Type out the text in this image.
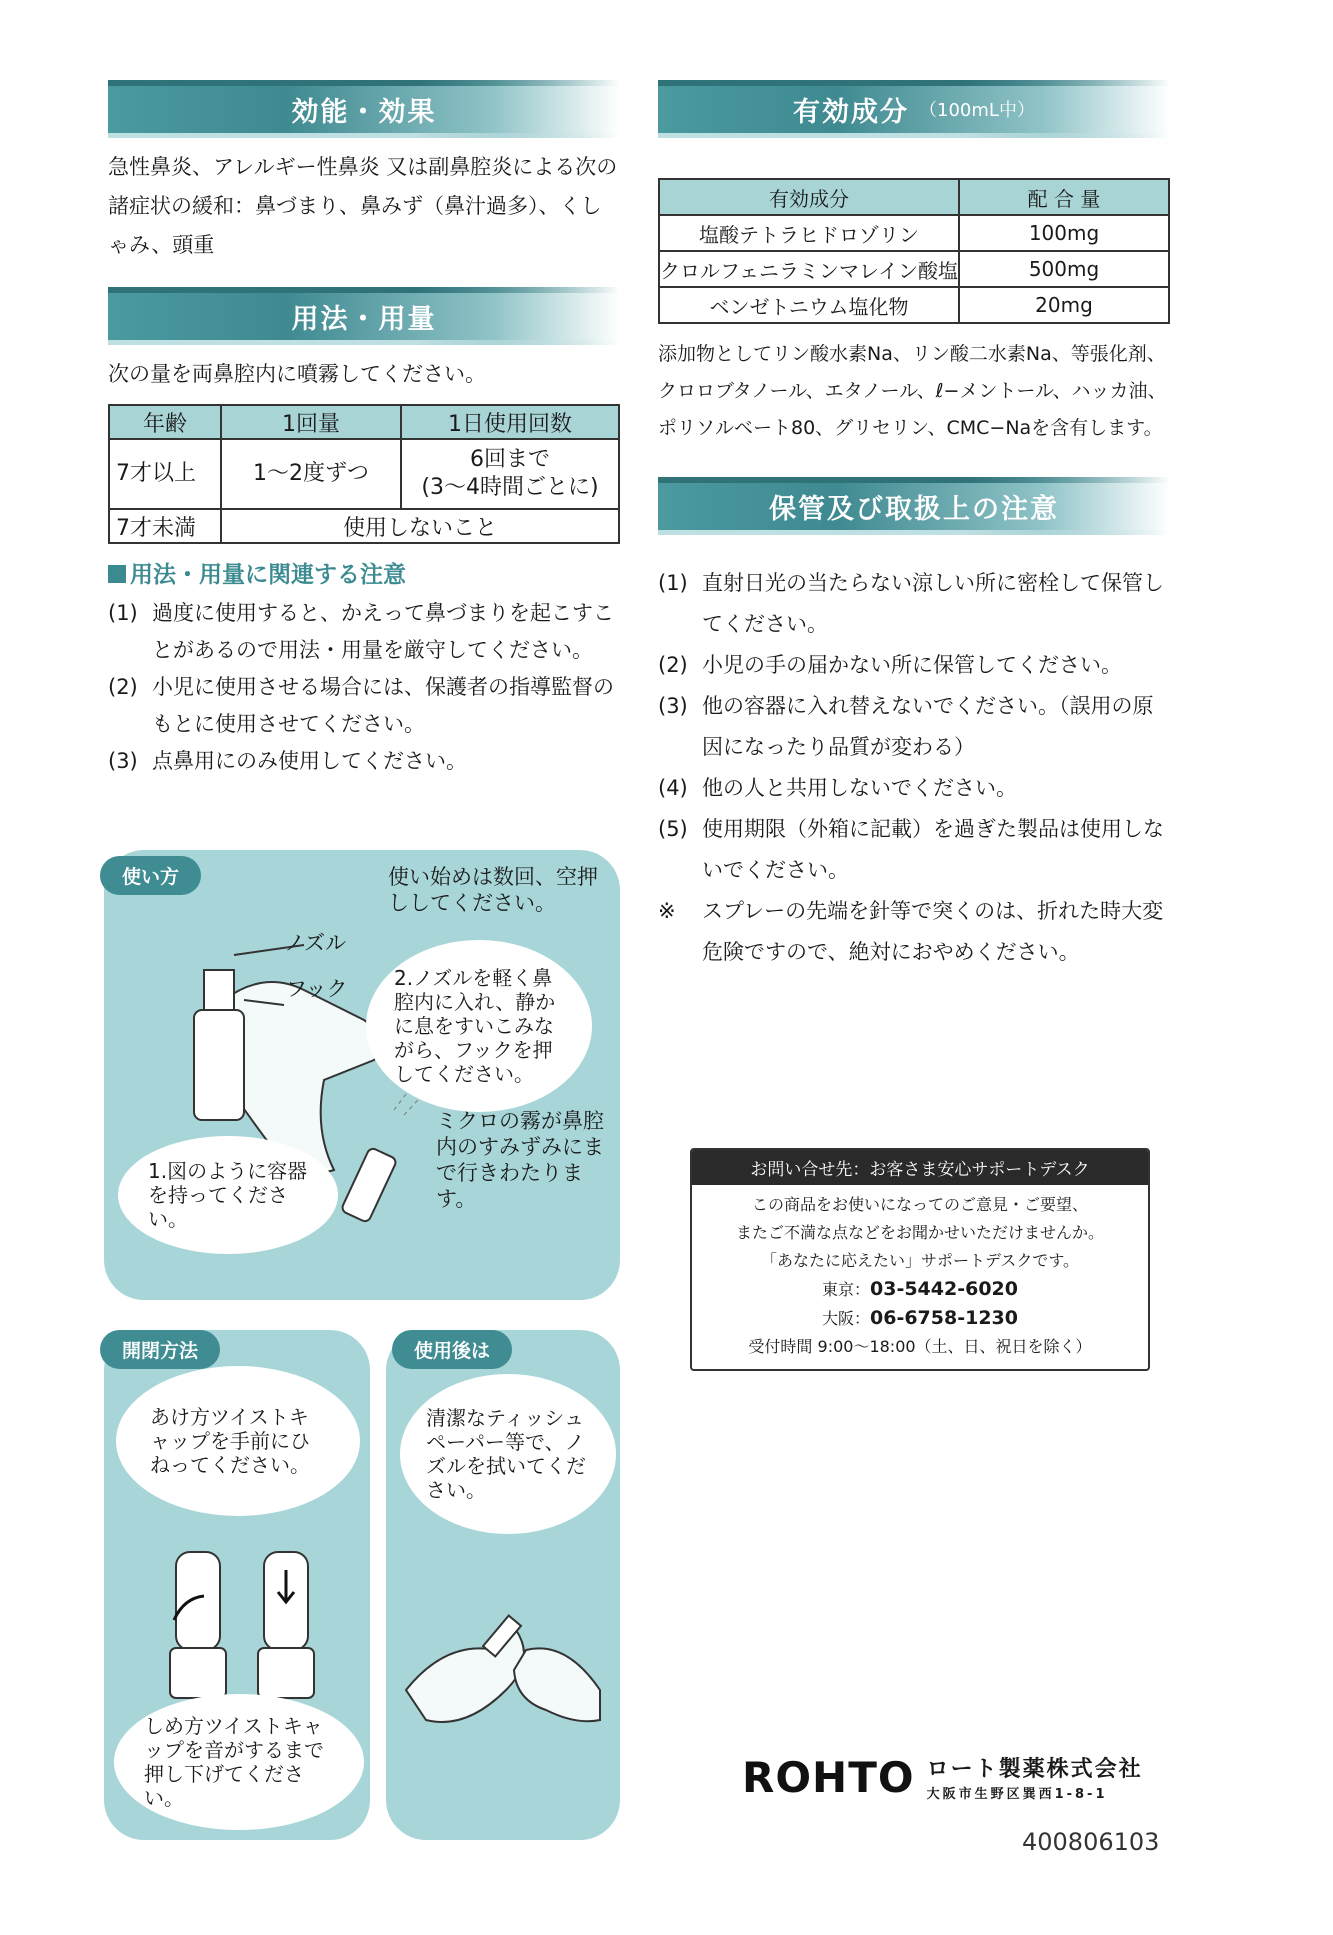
効能・効果

急性鼻炎、アレルギー性鼻炎 又は副鼻腔炎による次の諸症状の緩和：鼻づまり、鼻みず（鼻汁過多）、くしゃみ、頭重

用法・用量

次の量を両鼻腔内に噴霧してください。

年齢	1回量	1日使用回数
7才以上	1〜2度ずつ	6回まで
(3〜4時間ごとに)

7才未満	使用しないこと	
用法・用量に関連する注意
(1) 過度に使用すると、かえって鼻づまりを起こすことがあるので用法・用量を厳守してください。
(2) 小児に使用させる場合には、保護者の指導監督のもとに使用させてください。
(3) 点鼻用にのみ使用してください。
有効成分 （100mL中）
有効成分	配 合 量
塩酸テトラヒドロゾリン	100mg
クロルフェニラミンマレイン酸塩	500mg
ベンゼトニウム塩化物	20mg

添加物としてリン酸水素Na、リン酸二水素Na、等張化剤、クロロブタノール、エタノール、ℓ−メントール、ハッカ油、ポリソルベート80、グリセリン、CMC−Naを含有します。

保管及び取扱上の注意
(1) 直射日光の当たらない涼しい所に密栓して保管してください。
(2) 小児の手の届かない所に保管してください。
(3) 他の容器に入れ替えないでください。（誤用の原因になったり品質が変わる）
(4) 他の人と共用しないでください。
(5) 使用期限（外箱に記載）を過ぎた製品は使用しないでください。
※	スプレーの先端を針等で突くのは、折れた時大変危険ですので、絶対におやめください。
使い方	使い始めは数回、空押ししてください。
ノズル
フック 2.ノズルを軽く鼻腔内に入れ、静かに息をすいこみながら、フックを押してください。
1.図のように容器を持ってください。
ミクロの霧が鼻腔内のすみずみにまで行きわたります。
開閉方法
あけ方ツイストキャップを手前にひねってください。
しめ方ツイストキャップを音がするまで押し下げてください。
使用後は
清潔なティッシュペーパー等で、ノズルを拭いてください。
お問い合せ先：お客さま安心サポートデスク
この商品をお使いになってのご意見・ご要望、
またご不満な点などをお聞かせいただけませんか。
「あなたに応えたい」サポートデスクです。
東京：03-5442-6020
大阪：06-6758-1230
受付時間 9:00〜18:00（土、日、祝日を除く）
ROHTO ロート製薬株式会社
大阪市生野区巽西1-8-1
400806103
